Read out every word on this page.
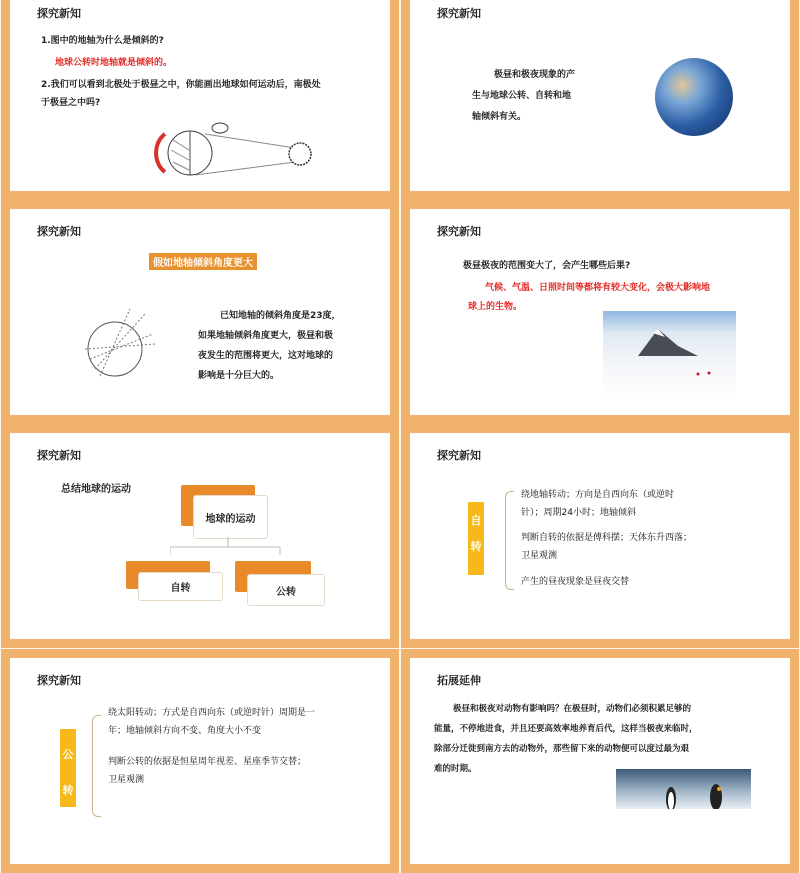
探究新知
1.图中的地轴为什么是倾斜的?
地球公转时地轴就是倾斜的。
2.我们可以看到北极处于极昼之中，你能画出地球如何运动后，南极处
于极昼之中吗?
探究新知
极昼和极夜现象的产
生与地球公转、自转和地
轴倾斜有关。
探究新知
假如地轴倾斜角度更大
已知地轴的倾斜角度是23度，
如果地轴倾斜角度更大，极昼和极
夜发生的范围将更大，这对地球的
影响是十分巨大的。
探究新知
极昼极夜的范围变大了，会产生哪些后果?
气候、气温、日照时间等都将有较大变化，会极大影响地
球上的生物。
探究新知
总结地球的运动
地球的运动
自转	公转
探究新知
自
转
绕地轴转动；方向是自西向东（或逆时
针）；周期24小时；地轴倾斜
判断自转的依据是傅科摆；天体东升西落；
卫星观测
产生的昼夜现象是昼夜交替
探究新知
公
转
绕太阳转动；方式是自西向东（或逆时针）周期是一
年；地轴倾斜方向不变、角度大小不变
判断公转的依据是恒星周年视差、星座季节交替；
卫星观测
拓展延伸
极昼和极夜对动物有影响吗？在极昼时，动物们必须积累足够的
能量，不停地进食，并且还要高效率地养育后代，这样当极夜来临时，
除部分迁徙到南方去的动物外，那些留下来的动物便可以度过最为艰
难的时期。
